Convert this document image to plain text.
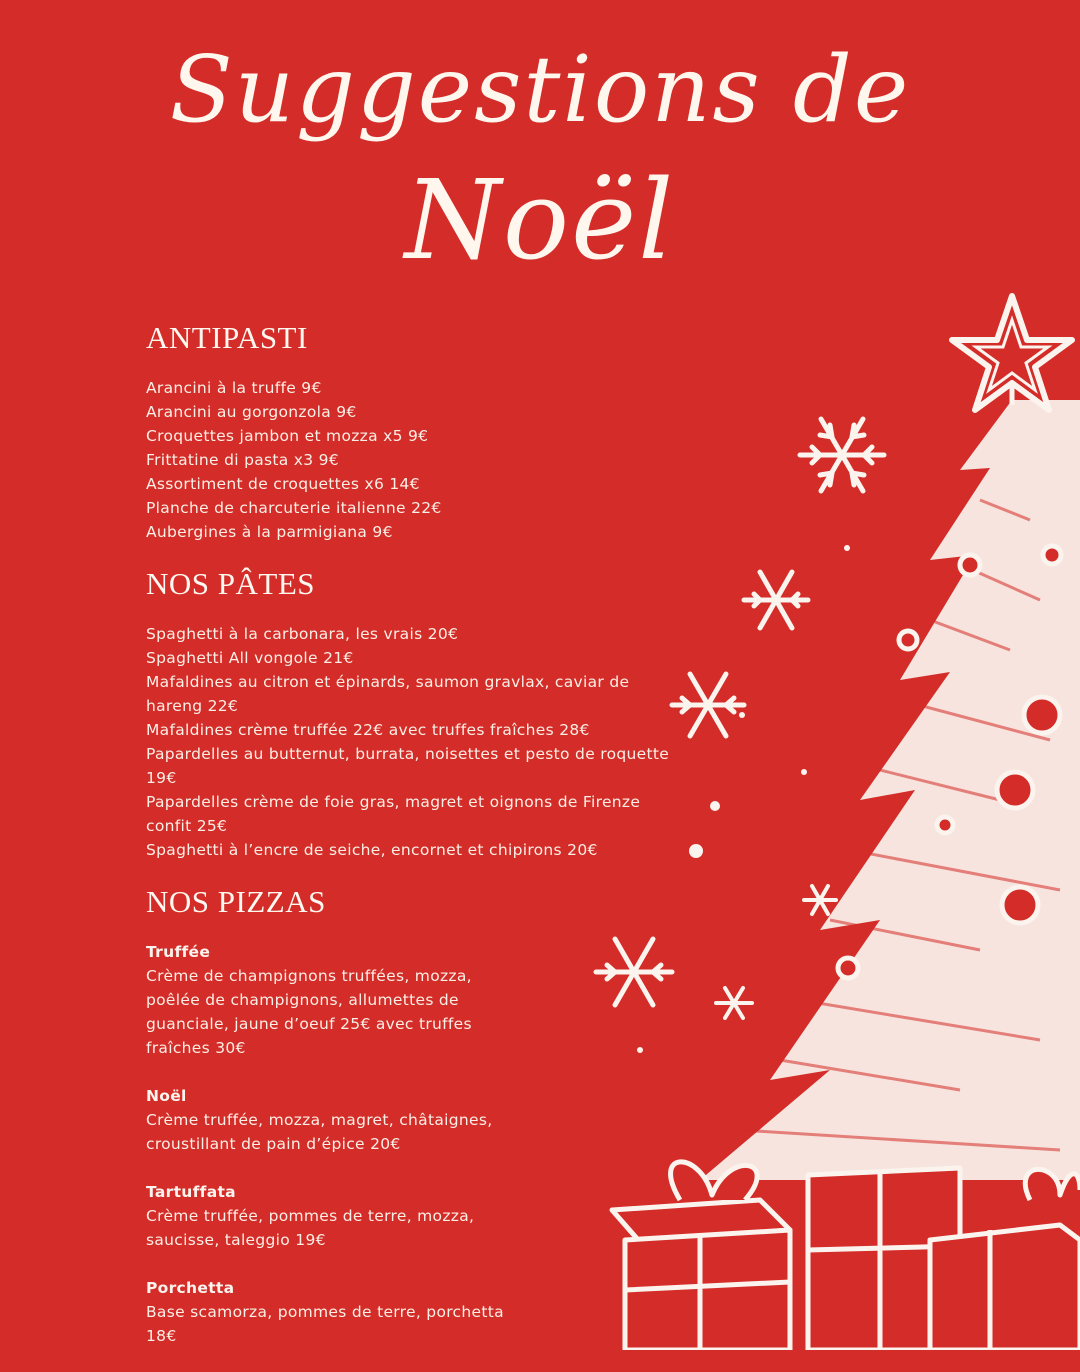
Suggestions de
Noël
ANTIPASTI
Arancini à la truffe 9€
Arancini au gorgonzola 9€
Croquettes jambon et mozza x5 9€
Frittatine di pasta x3 9€
Assortiment de croquettes x6 14€
Planche de charcuterie italienne 22€
Aubergines à la parmigiana 9€
NOS PÂTES
Spaghetti à la carbonara, les vrais 20€
Spaghetti All vongole 21€
Mafaldines au citron et épinards, saumon gravlax, caviar de hareng 22€
Mafaldines crème truffée 22€ avec truffes fraîches 28€
Papardelles au butternut, burrata, noisettes et pesto de roquette 19€
Papardelles crème de foie gras, magret et oignons de Firenze confit 25€
Spaghetti à l’encre de seiche, encornet et chipirons 20€
NOS PIZZAS
Truffée
Crème de champignons truffées, mozza, poêlée de champignons, allumettes de guanciale, jaune d’oeuf 25€ avec truffes fraîches 30€
Noël
Crème truffée, mozza, magret, châtaignes, croustillant de pain d’épice 20€
Tartuffata
Crème truffée, pommes de terre, mozza, saucisse, taleggio 19€
Porchetta
Base scamorza, pommes de terre, porchetta 18€
